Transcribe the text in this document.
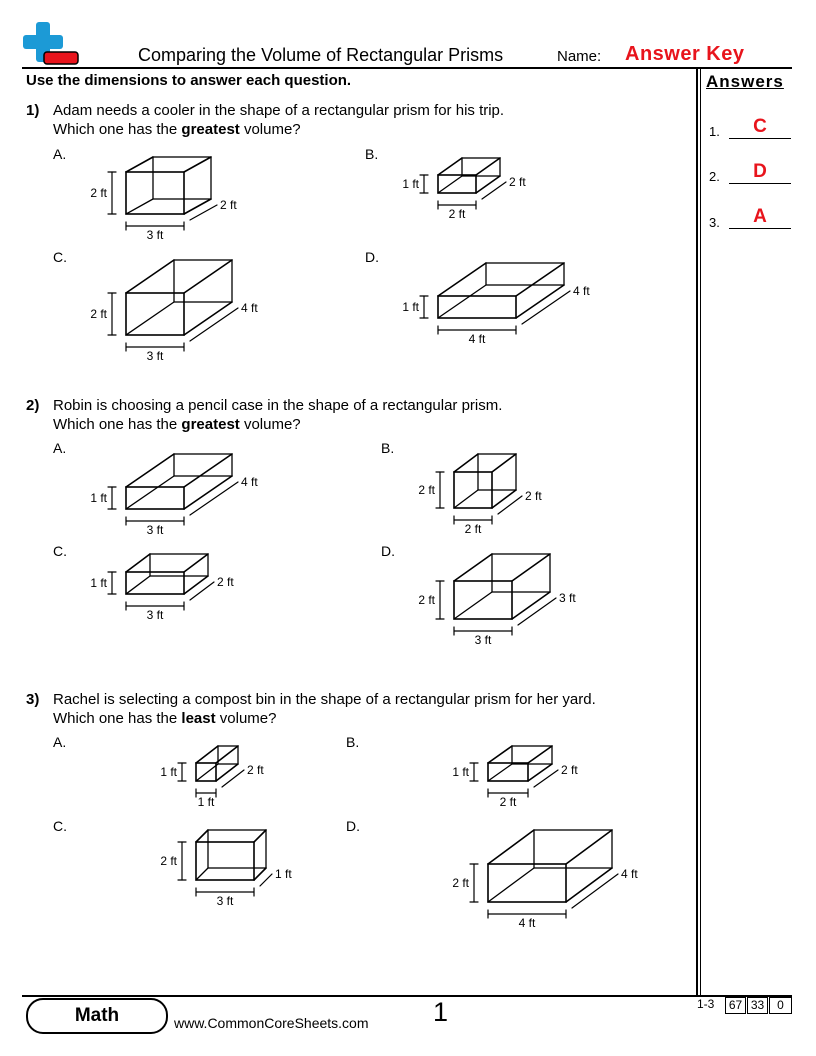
Comparing the Volume of Rectangular Prisms	Name: Answer Key
Use the dimensions to answer each question.	Answers
1.	C
2.	D
3.	A
1) Adam needs a cooler in the shape of a rectangular prism for his trip.
Which one has the greatest volume?
A.	B.
C.	D.
2) Robin is choosing a pencil case in the shape of a rectangular prism.
Which one has the greatest volume?
A.	B.
C.	D.
3) Rachel is selecting a compost bin in the shape of a rectangular prism for her yard.
Which one has the least volume?
A.	B.
C.	D.
2 ft
3 ft
2 ft
1 ft
2 ft
2 ft
2 ft
3 ft
4 ft	1 ft
4 ft
4 ft
1 ft
3 ft
4 ft
2 ft
2 ft
2 ft
1 ft
3 ft
2 ft
2 ft
3 ft
3 ft
1 ft
1 ft
2 ft	1 ft
2 ft
2 ft
2 ft
3 ft
1 ft
2 ft
4 ft
4 ft
Math	www.CommonCoreSheets.com 1	1-3	67 33	0
